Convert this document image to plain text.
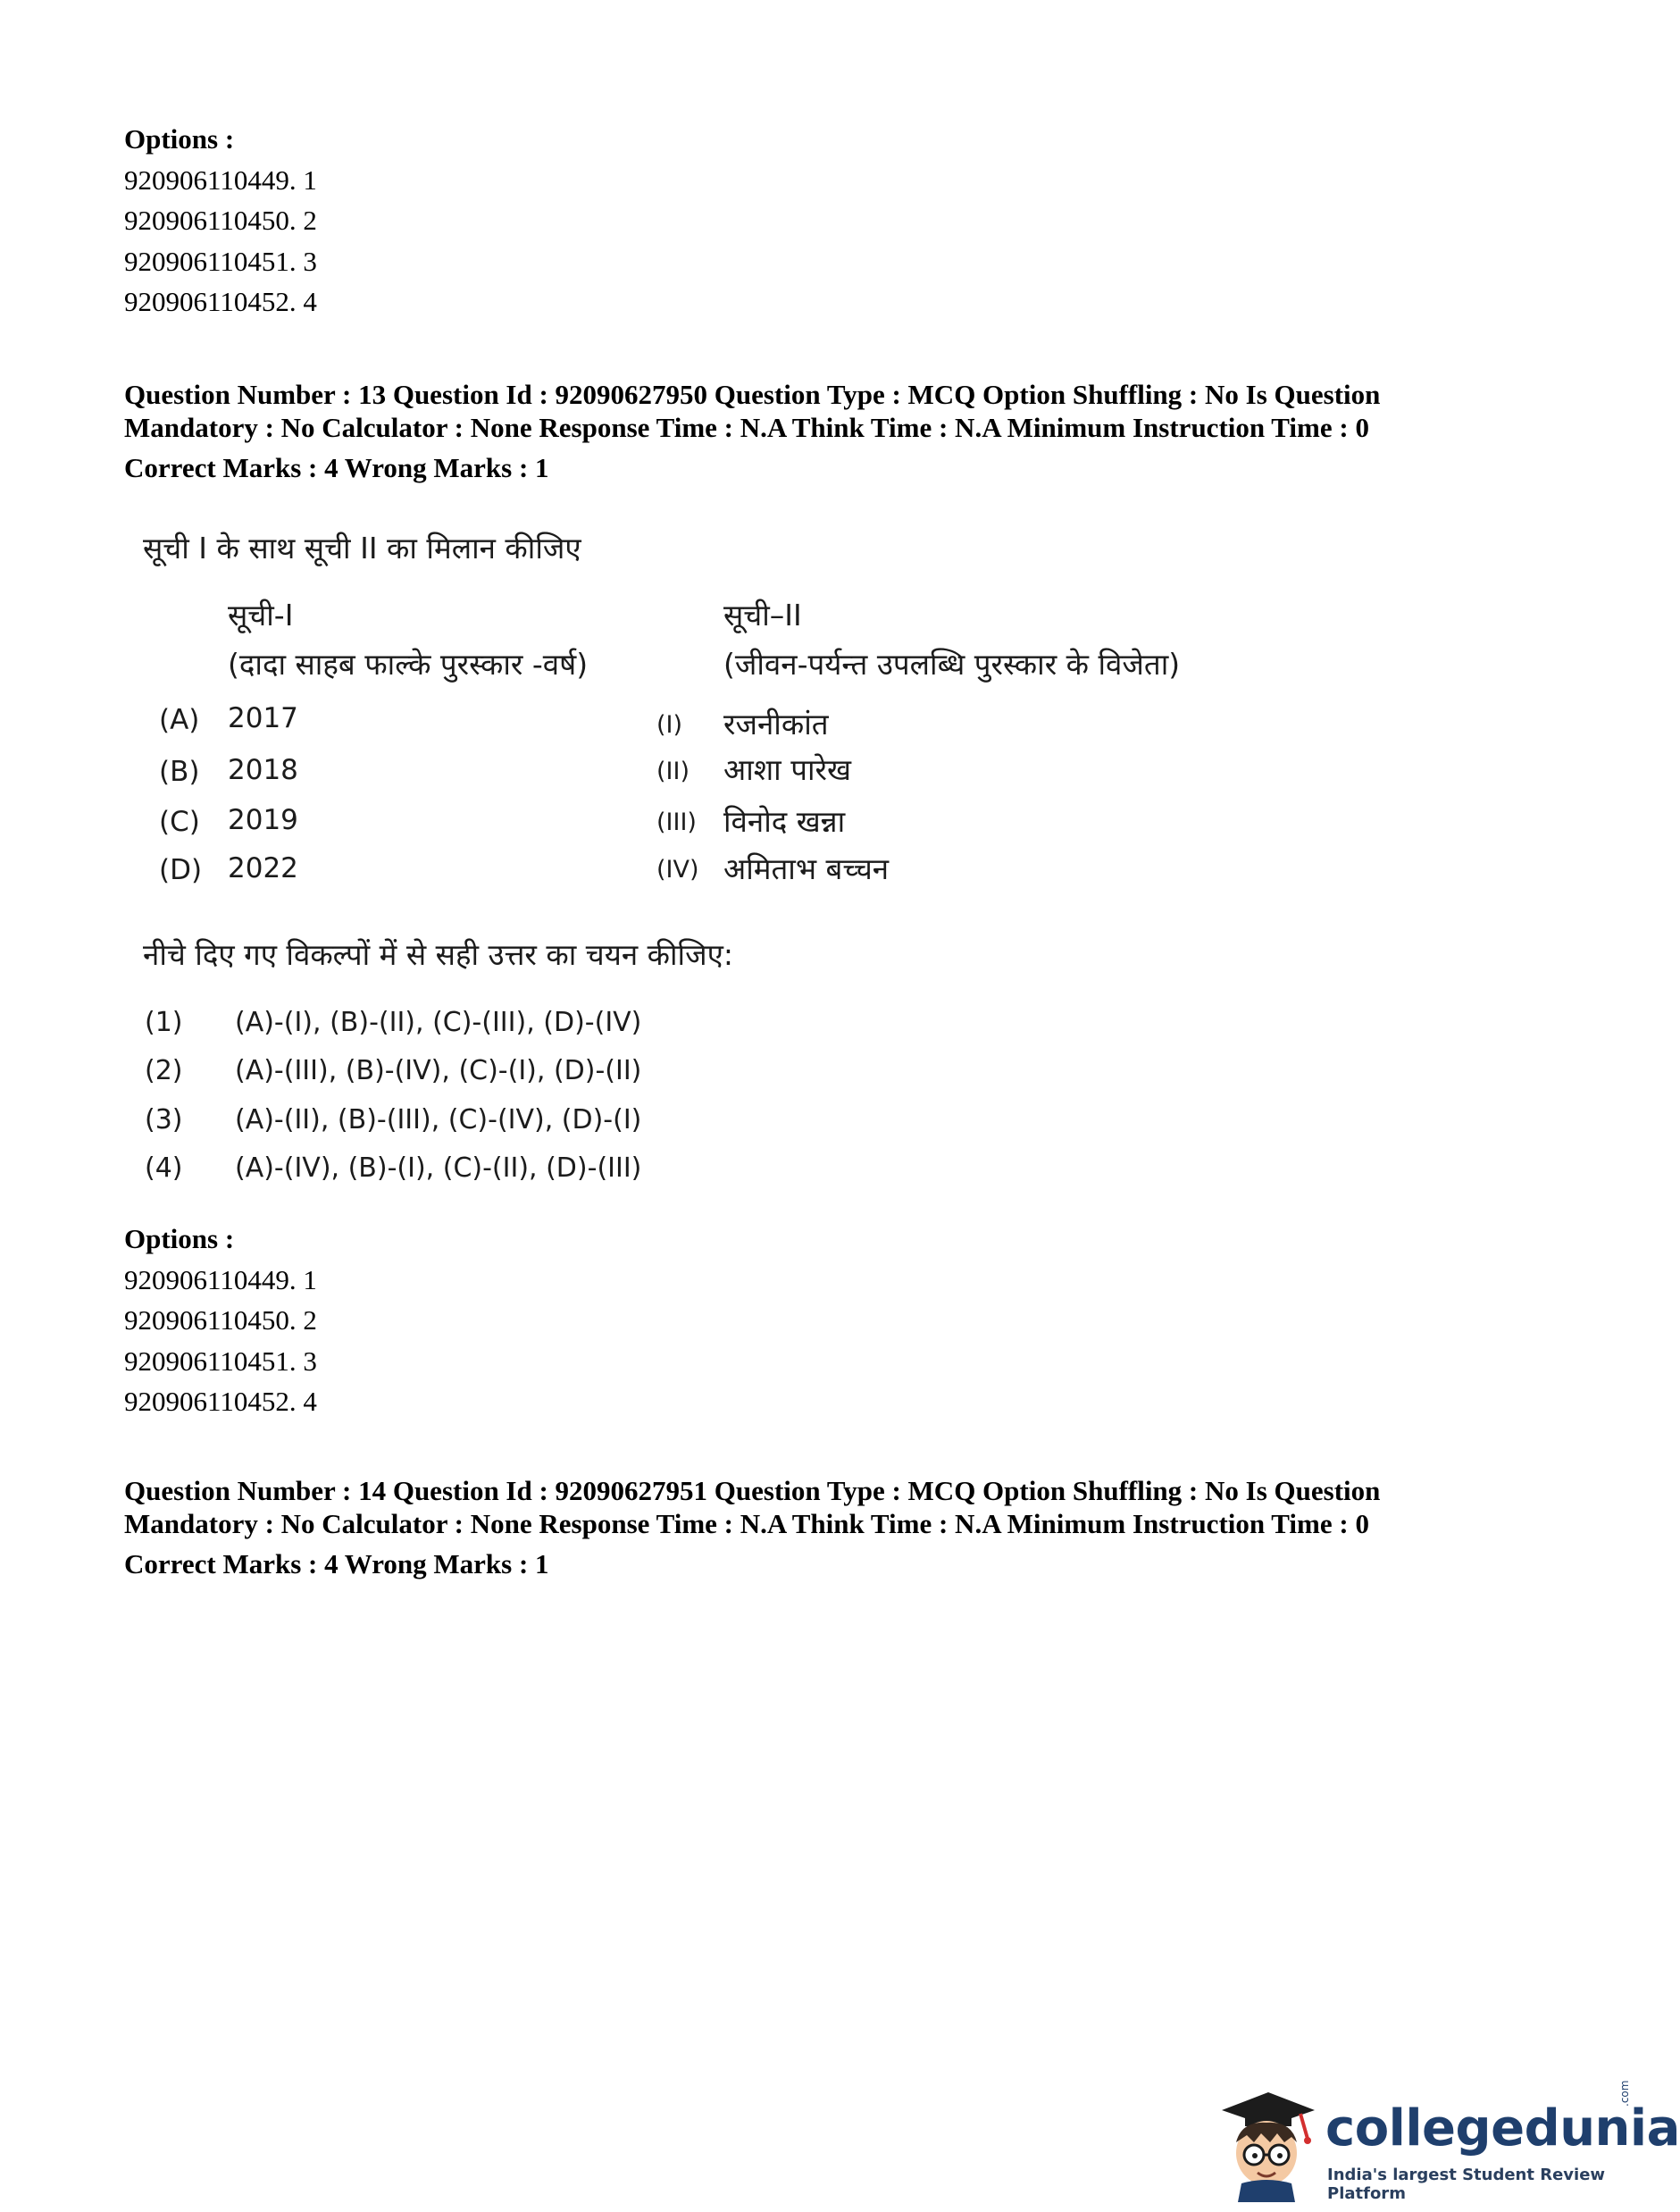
Options :
920906110449. 1
920906110450. 2
920906110451. 3
920906110452. 4
Question Number : 13 Question Id : 92090627950 Question Type : MCQ Option Shuffling : No Is Question
Mandatory : No Calculator : None Response Time : N.A Think Time : N.A Minimum Instruction Time : 0
Correct Marks : 4 Wrong Marks : 1
सूची I के साथ सूची II का मिलान कीजिए
सूची-I
(दादा साहब फाल्के पुरस्कार -वर्ष)
सूची–II
(जीवन-पर्यन्त उपलब्धि पुरस्कार के विजेता)
(A) 2017
(B) 2018
(C) 2019
(D) 2022
(I) रजनीकांत
(II) आशा पारेख
(III) विनोद खन्ना
(IV) अमिताभ बच्चन
नीचे दिए गए विकल्पों में से सही उत्तर का चयन कीजिए:
(1) (A)-(I), (B)-(II), (C)-(III), (D)-(IV)
(2) (A)-(III), (B)-(IV), (C)-(I), (D)-(II)
(3) (A)-(II), (B)-(III), (C)-(IV), (D)-(I)
(4) (A)-(IV), (B)-(I), (C)-(II), (D)-(III)
Options :
920906110449. 1
920906110450. 2
920906110451. 3
920906110452. 4
Question Number : 14 Question Id : 92090627951 Question Type : MCQ Option Shuffling : No Is Question
Mandatory : No Calculator : None Response Time : N.A Think Time : N.A Minimum Instruction Time : 0
Correct Marks : 4 Wrong Marks : 1
collegedunia
.com
India's largest Student Review Platform
